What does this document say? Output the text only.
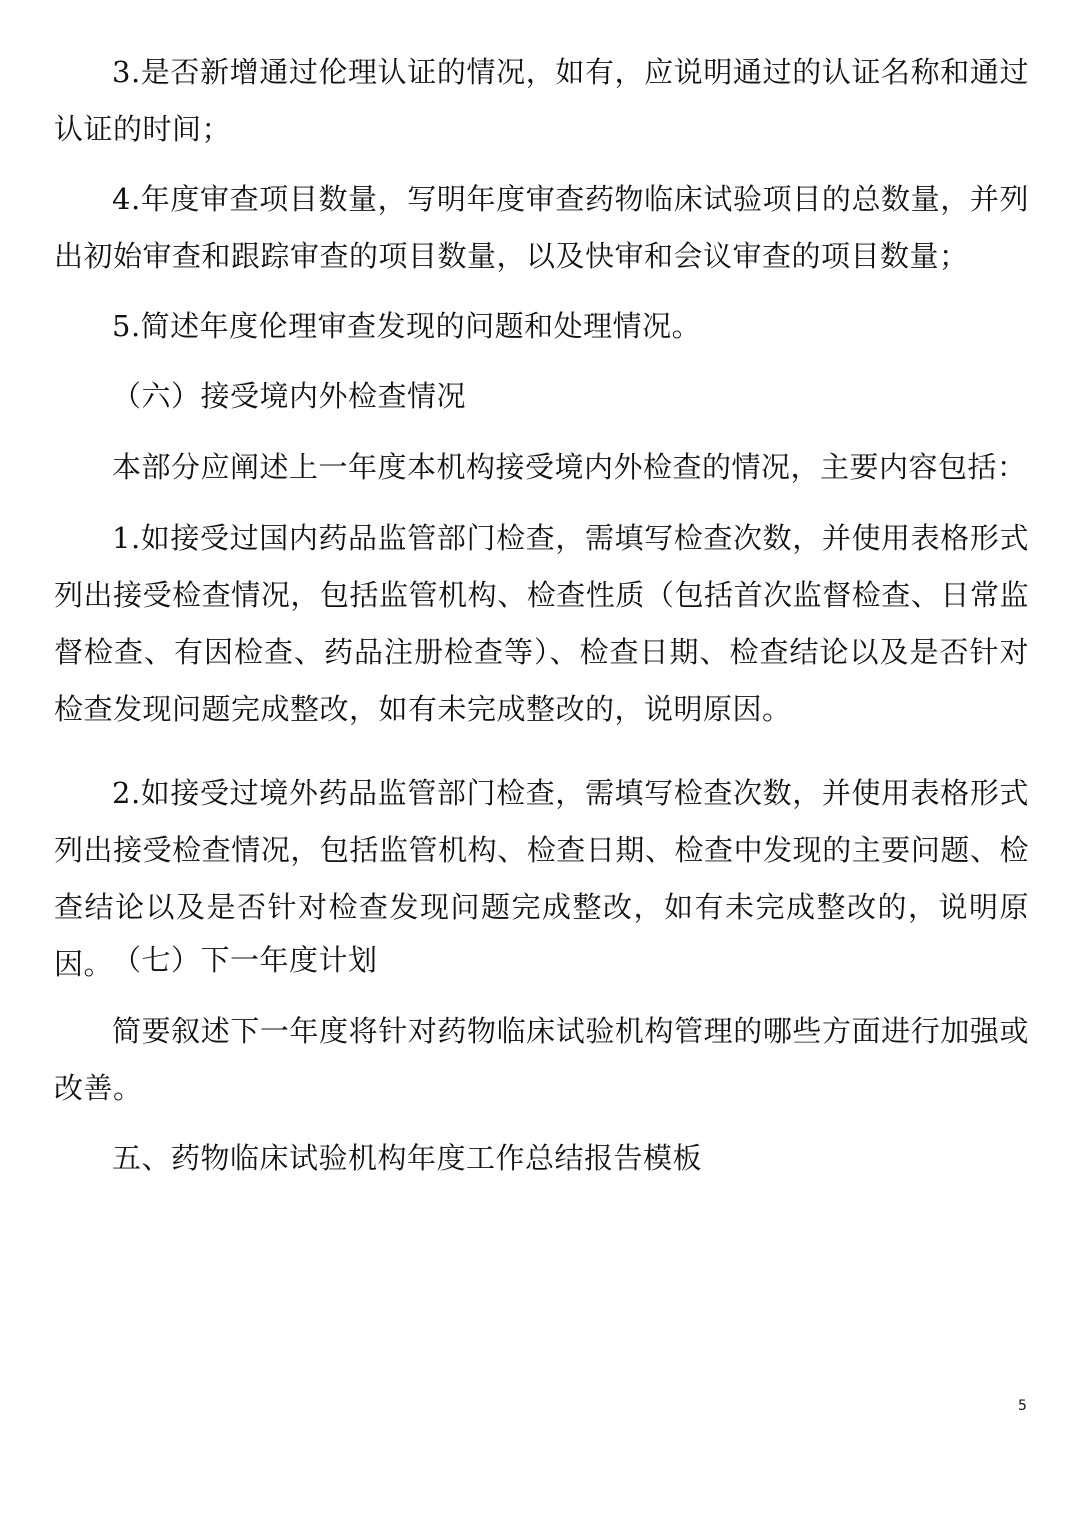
3.是否新增通过伦理认证的情况，如有，应说明通过的认证名称和通过认证的时间；

4.年度审查项目数量，写明年度审查药物临床试验项目的总数量，并列出初始审查和跟踪审查的项目数量，以及快审和会议审查的项目数量；

5.简述年度伦理审查发现的问题和处理情况。

（六）接受境内外检查情况

本部分应阐述上一年度本机构接受境内外检查的情况，主要内容包括：

1.如接受过国内药品监管部门检查，需填写检查次数，并使用表格形式列出接受检查情况，包括监管机构、检查性质（包括首次监督检查、日常监督检查、有因检查、药品注册检查等）、检查日期、检查结论以及是否针对检查发现问题完成整改，如有未完成整改的，说明原因。

2.如接受过境外药品监管部门检查，需填写检查次数，并使用表格形式列出接受检查情况，包括监管机构、检查日期、检查中发现的主要问题、检查结论以及是否针对检查发现问题完成整改，如有未完成整改的，说明原因。

（七）下一年度计划

简要叙述下一年度将针对药物临床试验机构管理的哪些方面进行加强或改善。

五、药物临床试验机构年度工作总结报告模板

5
